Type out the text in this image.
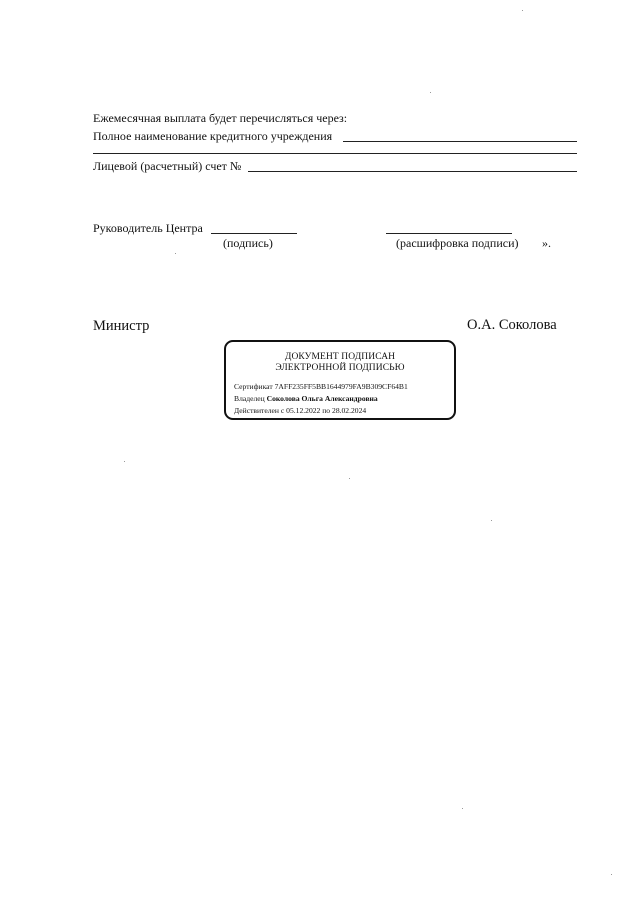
Ежемесячная выплата будет перечисляться через:
Полное наименование кредитного учреждения
Лицевой (расчетный) счет №
Руководитель Центра
(подпись)	(расшифровка подписи) ».
Министр	О.А. Соколова
ДОКУМЕНТ ПОДПИСАН
ЭЛЕКТРОННОЙ ПОДПИСЬЮ
Сертификат 7AFF235FF5BB1644979FA9B309CF64B1
Владелец Соколова Ольга Александровна
Действителен с 05.12.2022 по 28.02.2024
